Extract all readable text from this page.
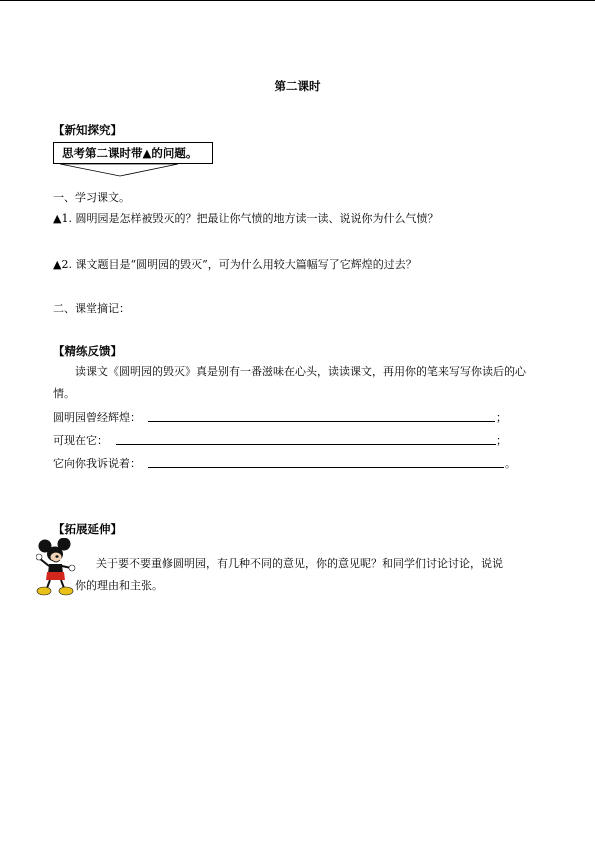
第二课时
【新知探究】
思考第二课时带▲的问题。
一、学习课文。
▲1. 圆明园是怎样被毁灭的？把最让你气愤的地方读一读、说说你为什么气愤？
▲2. 课文题目是“圆明园的毁灭”，可为什么用较大篇幅写了它辉煌的过去？
二、课堂摘记：
【精练反馈】
读课文《圆明园的毁灭》真是别有一番滋味在心头，读读课文，再用你的笔来写写你读后的心情。
圆明园曾经辉煌：	；
可现在它：	；
它向你我诉说着：	。
【拓展延伸】
关于要不要重修圆明园，有几种不同的意见，你的意见呢？和同学们讨论讨论，说说
你的理由和主张。
